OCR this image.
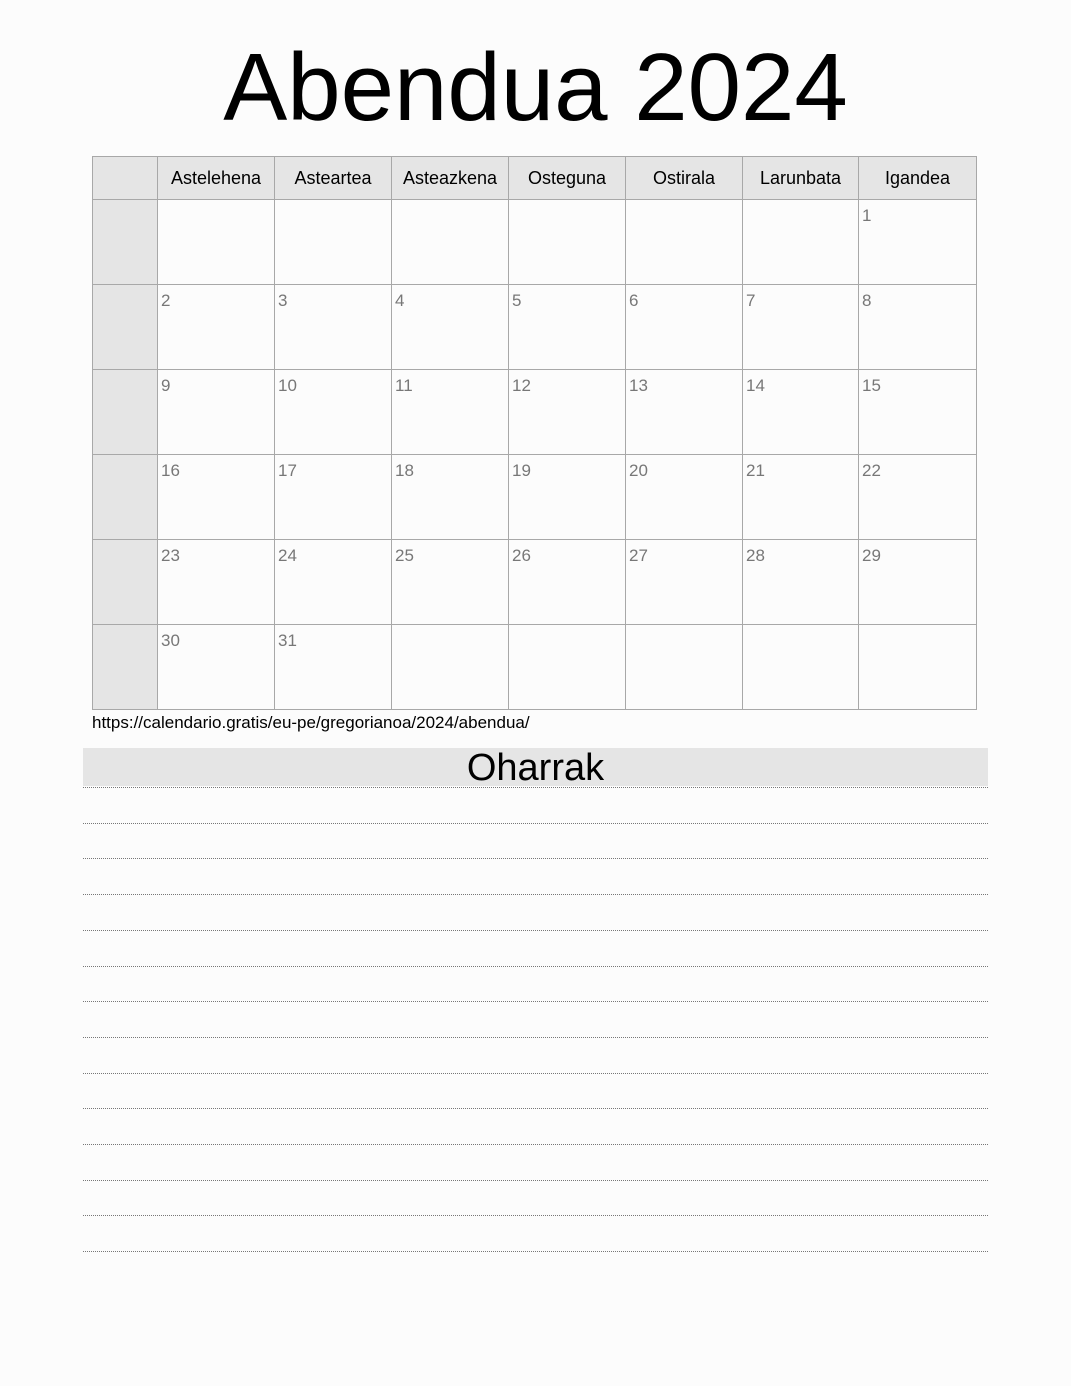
Abendua 2024
	Astelehena	Asteartea	Asteazkena	Osteguna	Ostirala	Larunbata	Igandea

							1

	2	3	4	5	6	7	8

	9	10	11	12	13	14	15

	16	17	18	19	20	21	22

	23	24	25	26	27	28	29

	30	31					

https://calendario.gratis/eu-pe/gregorianoa/2024/abendua/
Oharrak
